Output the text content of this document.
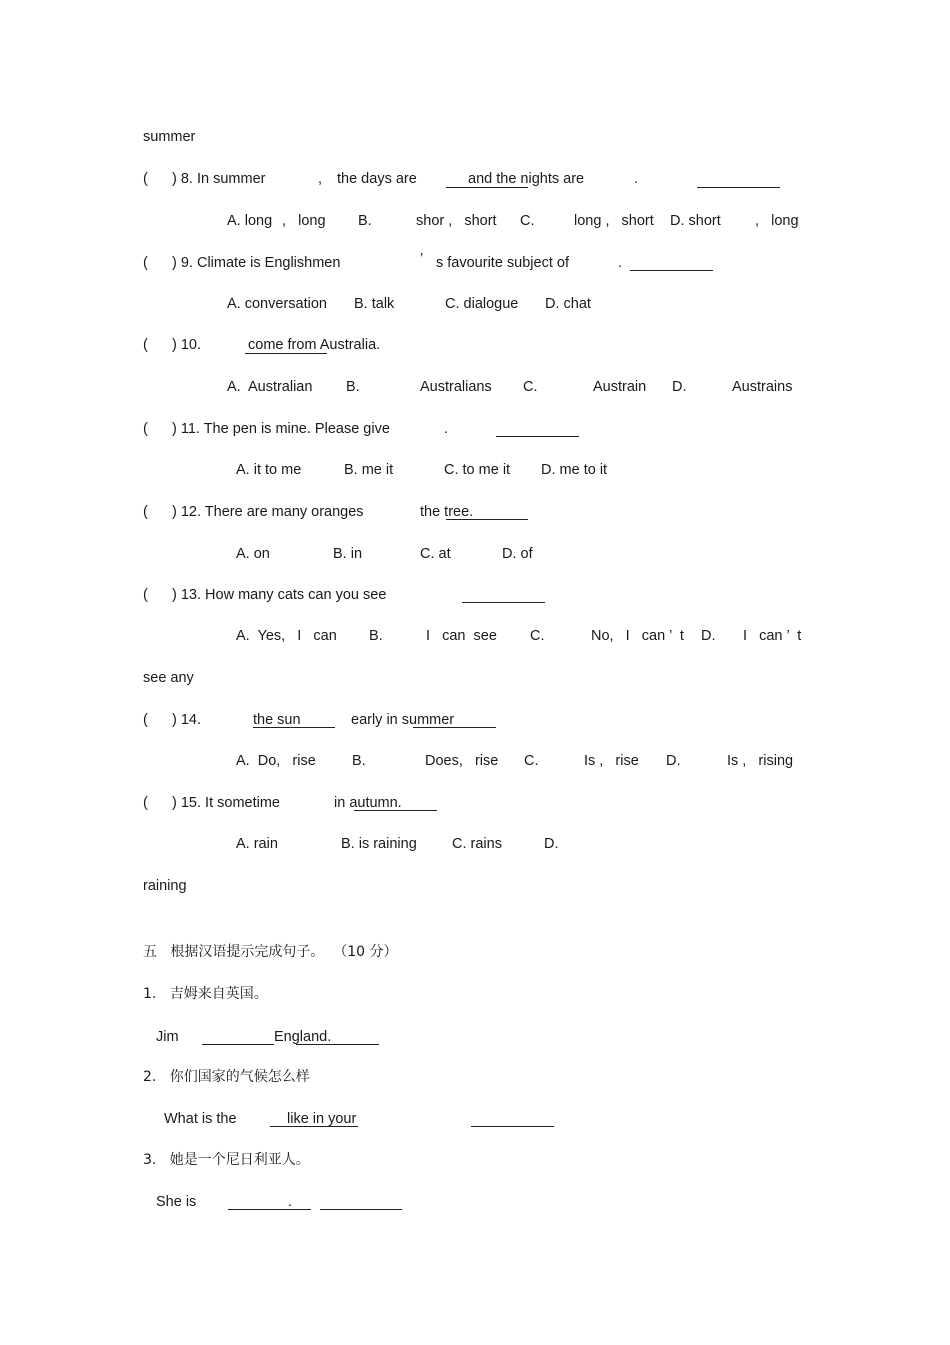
summer
( ) 8. In summer	, the days are	and the nights are	.
A. long ,   long B.	shor ,   short C.	long ,   short D. short ,   long
( ) 9. Climate is Englishmen	’ s favourite subject of	.
A. conversation B. talk	C. dialogue D. chat
( ) 10.	come from Australia.
A.  Australian B.	Australians C.	Austrain D.	Austrains
( ) 11. The pen is mine. Please give	.
A. it to me	B. me it	C. to me it D. me to it
( ) 12. There are many oranges	the tree.
A. on	B. in	C. at	D. of
( ) 13. How many cats can you see
A.  Yes,   I   can B.	I   can  see C.	No,   I   can ’  t D. I   can ’  t
see any
( ) 14.	the sun	early in summer
A.  Do,   rise B.	Does,   rise C.	Is ,   rise D.	Is ,   rising
( ) 15. It sometime	in autumn.
A. rain	B. is raining C. rains	D.
raining
五   根据汉语提示完成句子。  （10 分）
1.   吉姆来自英国。
Jim	England.
2.   你们国家的气候怎么样
What is the	like in your
3.   她是一个尼日利亚人。
She is	.
